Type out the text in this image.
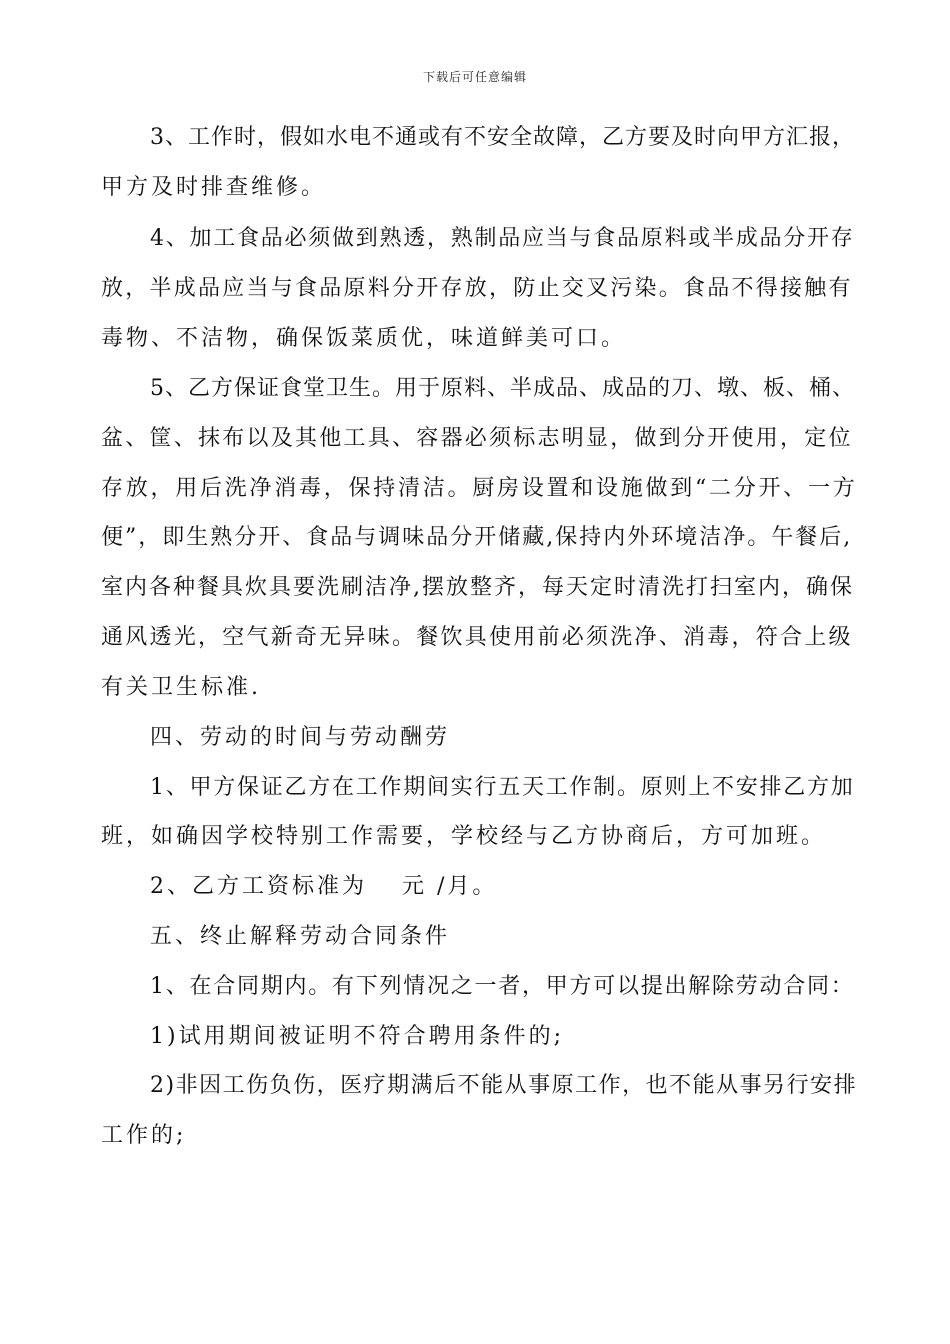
下载后可任意编辑
3、工作时，假如水电不通或有不安全故障，乙方要及时向甲方汇报，
甲方及时排查维修。
4、加工食品必须做到熟透，熟制品应当与食品原料或半成品分开存
放，半成品应当与食品原料分开存放，防止交叉污染。食品不得接触有
毒物、不洁物，确保饭菜质优，味道鲜美可口。
5、乙方保证食堂卫生。用于原料、半成品、成品的刀、墩、板、桶、
盆、筐、抹布以及其他工具、容器必须标志明显，做到分开使用，定位
存放，用后洗净消毒，保持清洁。厨房设置和设施做到“二分开、一方
便”，即生熟分开、食品与调味品分开储藏,保持内外环境洁净。午餐后,
室内各种餐具炊具要洗刷洁净,摆放整齐，每天定时清洗打扫室内，确保
通风透光，空气新奇无异味。餐饮具使用前必须洗净、消毒，符合上级
有关卫生标准.
四、劳动的时间与劳动酬劳
1、甲方保证乙方在工作期间实行五天工作制。原则上不安排乙方加
班，如确因学校特别工作需要，学校经与乙方协商后，方可加班。
2、乙方工资标准为　 元 /月。
五、终止解释劳动合同条件
1、在合同期内。有下列情况之一者，甲方可以提出解除劳动合同：
1)试用期间被证明不符合聘用条件的;
2)非因工伤负伤，医疗期满后不能从事原工作，也不能从事另行安排
工作的;
